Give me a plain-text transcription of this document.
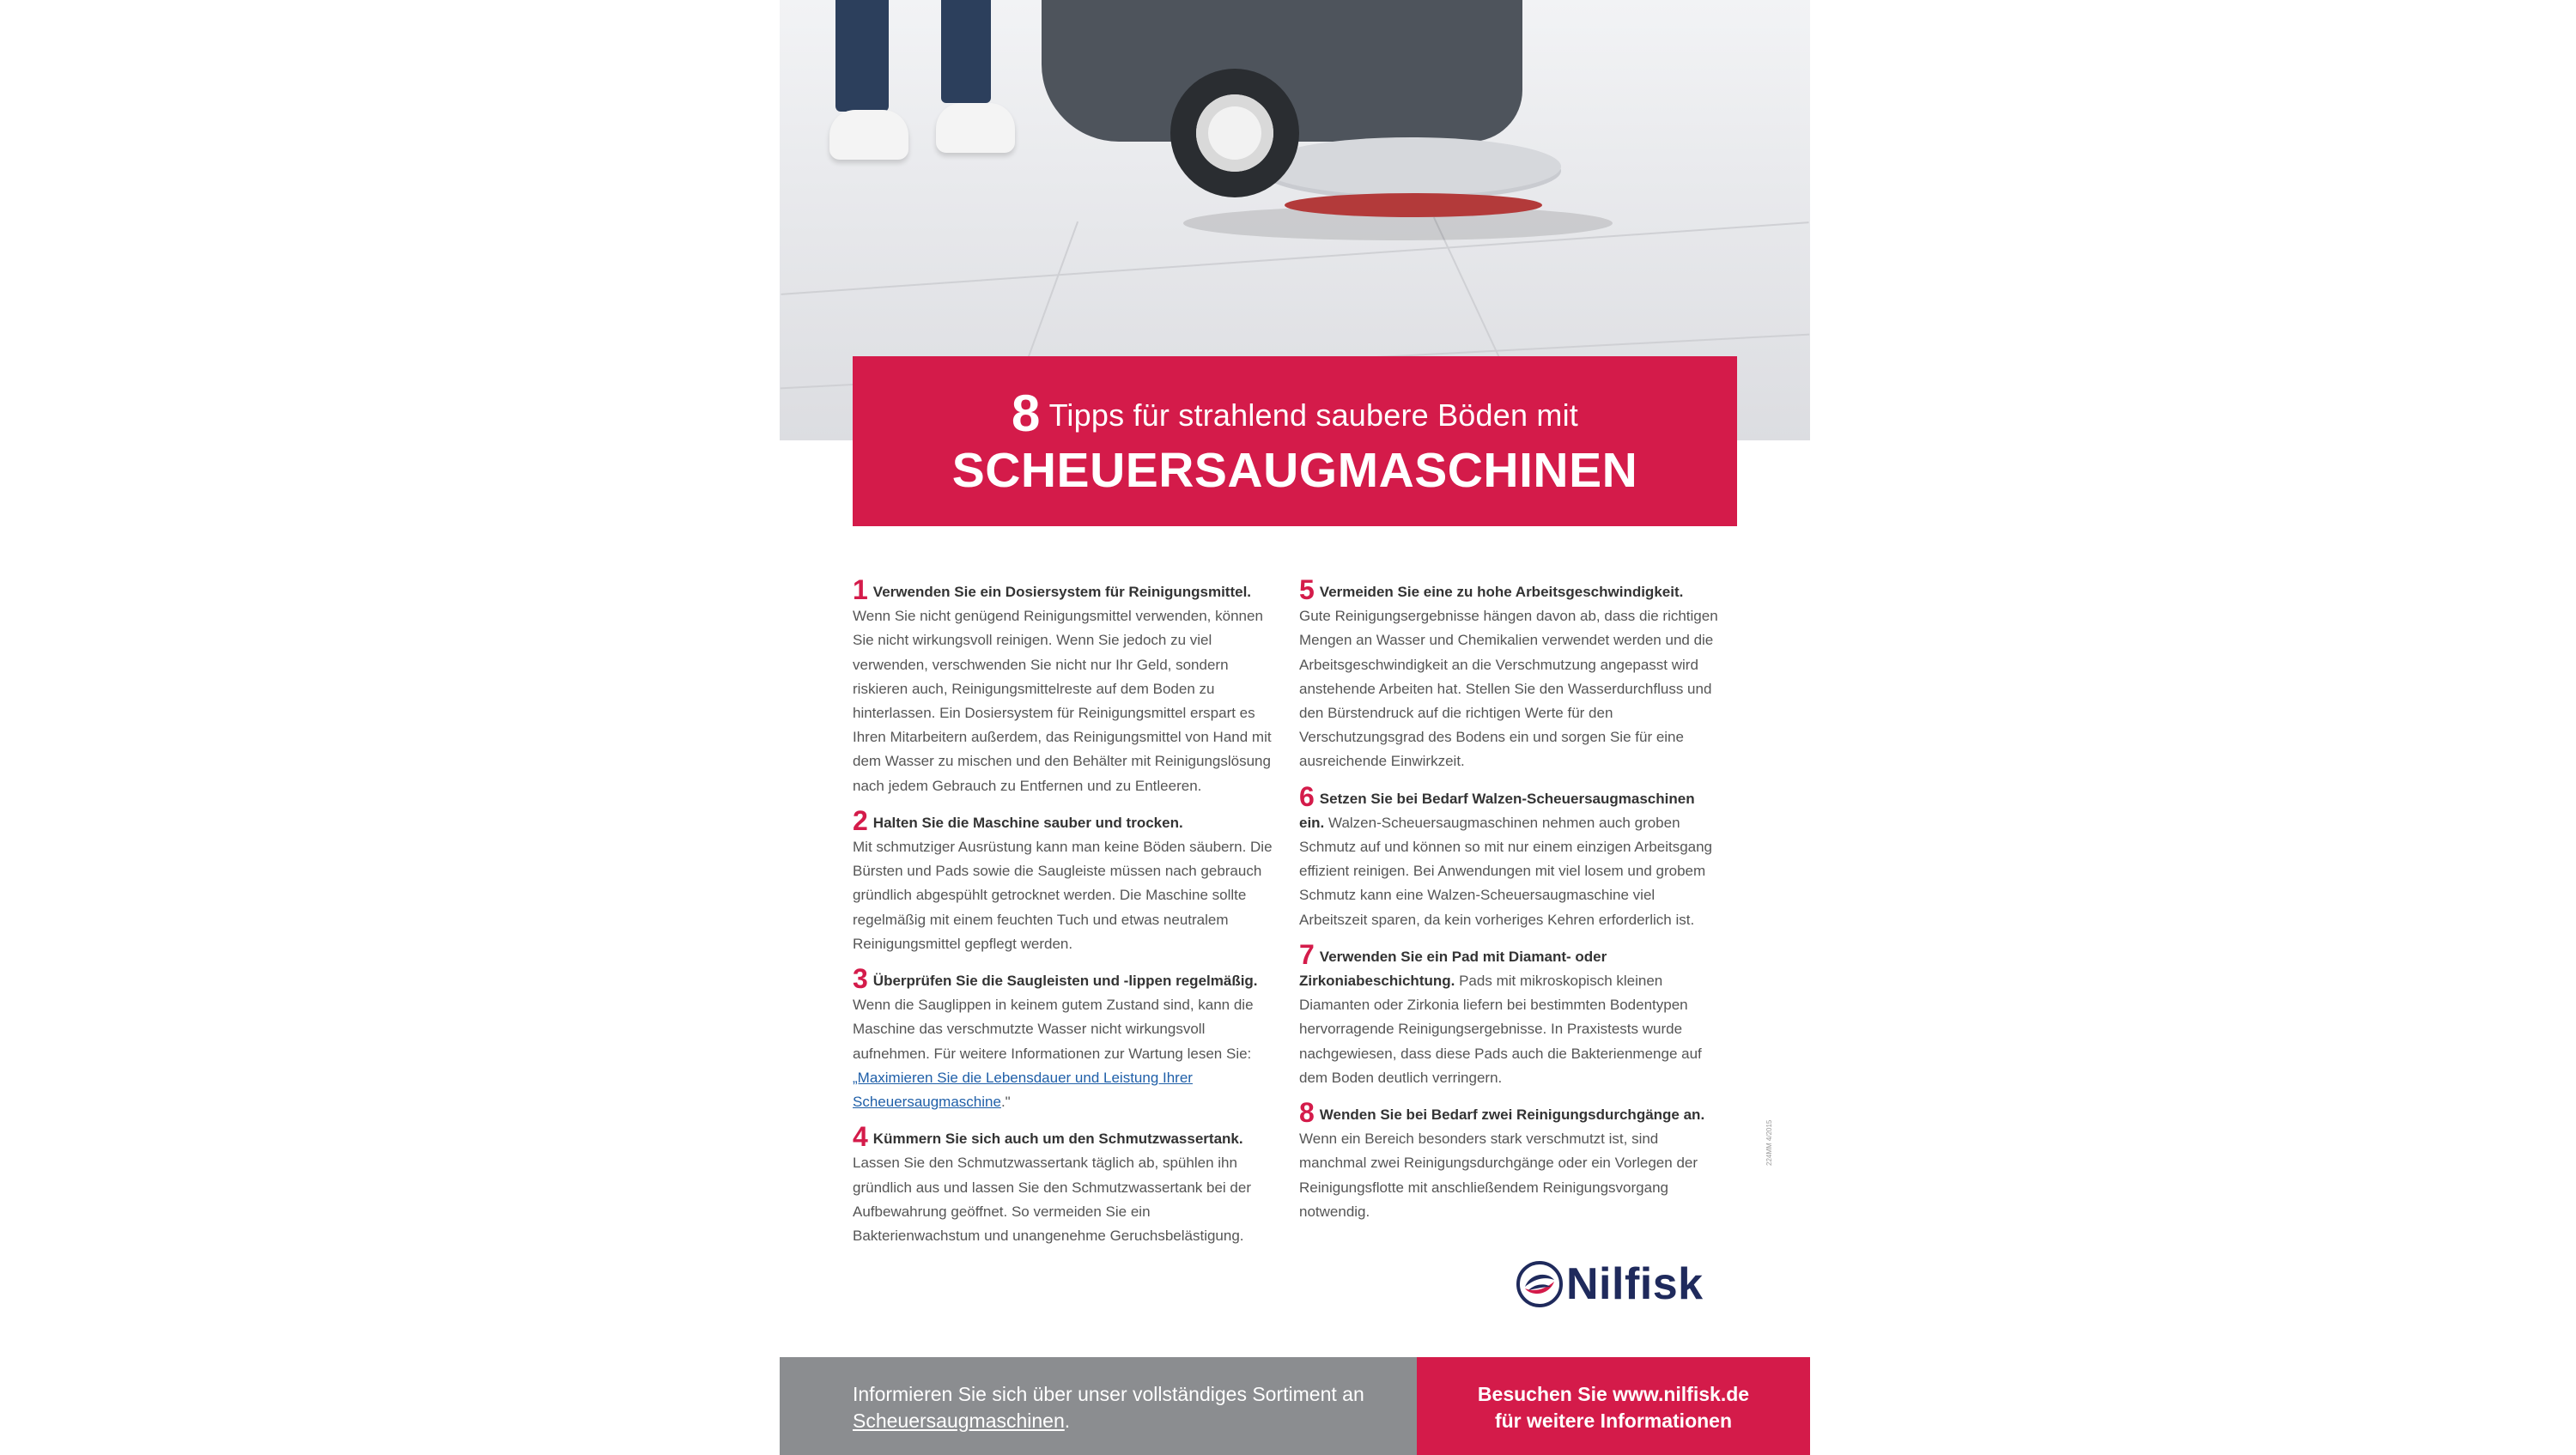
8 Tipps für strahlend saubere Böden mit
SCHEUERSAUGMASCHINEN

1 Verwenden Sie ein Dosiersystem für Reinigungsmittel.
Wenn Sie nicht genügend Reinigungsmittel verwenden, können Sie nicht wirkungsvoll reinigen. Wenn Sie jedoch zu viel verwenden, verschwenden Sie nicht nur Ihr Geld, sondern riskieren auch, Reinigungsmittelreste auf dem Boden zu hinterlassen. Ein Dosiersystem für Reinigungsmittel erspart es Ihren Mitarbeitern außerdem, das Reinigungsmittel von Hand mit dem Wasser zu mischen und den Behälter mit Reinigungslösung nach jedem Gebrauch zu Entfernen und zu Entleeren.

2 Halten Sie die Maschine sauber und trocken.
Mit schmutziger Ausrüstung kann man keine Böden säubern. Die Bürsten und Pads sowie die Saugleiste müssen nach gebrauch gründlich abgespühlt getrocknet werden. Die Maschine sollte regelmäßig mit einem feuchten Tuch und etwas neutralem Reinigungsmittel gepflegt werden.

3 Überprüfen Sie die Saugleisten und -lippen regelmäßig. Wenn die Sauglippen in keinem gutem Zustand sind, kann die Maschine das verschmutzte Wasser nicht wirkungsvoll aufnehmen. Für weitere Informationen zur Wartung lesen Sie: „Maximieren Sie die Lebensdauer und Leistung Ihrer Scheuersaugmaschine."

4 Kümmern Sie sich auch um den Schmutzwassertank.
Lassen Sie den Schmutzwassertank täglich ab, spühlen ihn gründlich aus und lassen Sie den Schmutzwassertank bei der Aufbewahrung geöffnet. So vermeiden Sie ein Bakterienwachstum und unangenehme Geruchsbelästigung.

5 Vermeiden Sie eine zu hohe Arbeitsgeschwindigkeit.
Gute Reinigungsergebnisse hängen davon ab, dass die richtigen Mengen an Wasser und Chemikalien verwendet werden und die Arbeitsgeschwindigkeit an die Verschmutzung angepasst wird anstehende Arbeiten hat. Stellen Sie den Wasserdurchfluss und den Bürstendruck auf die richtigen Werte für den Verschutzungsgrad des Bodens ein und sorgen Sie für eine ausreichende Einwirkzeit.

6 Setzen Sie bei Bedarf Walzen-Scheuersaugmaschinen ein. Walzen-Scheuersaugmaschinen nehmen auch groben Schmutz auf und können so mit nur einem einzigen Arbeitsgang effizient reinigen. Bei Anwendungen mit viel losem und grobem Schmutz kann eine Walzen-Scheuersaugmaschine viel Arbeitszeit sparen, da kein vorheriges Kehren erforderlich ist.

7 Verwenden Sie ein Pad mit Diamant- oder Zirkoniabeschichtung. Pads mit mikroskopisch kleinen Diamanten oder Zirkonia liefern bei bestimmten Bodentypen hervorragende Reinigungsergebnisse. In Praxistests wurde nachgewiesen, dass diese Pads auch die Bakterienmenge auf dem Boden deutlich verringern.

8 Wenden Sie bei Bedarf zwei Reinigungsdurchgänge an.
Wenn ein Bereich besonders stark verschmutzt ist, sind manchmal zwei Reinigungsdurchgänge oder ein Vorlegen der Reinigungsflotte mit anschließendem Reinigungsvorgang notwendig.

224MM 4/2015
Nilfisk
Informieren Sie sich über unser vollständiges Sortiment an Scheuersaugmaschinen.
Besuchen Sie www.nilfisk.de
für weitere Informationen
